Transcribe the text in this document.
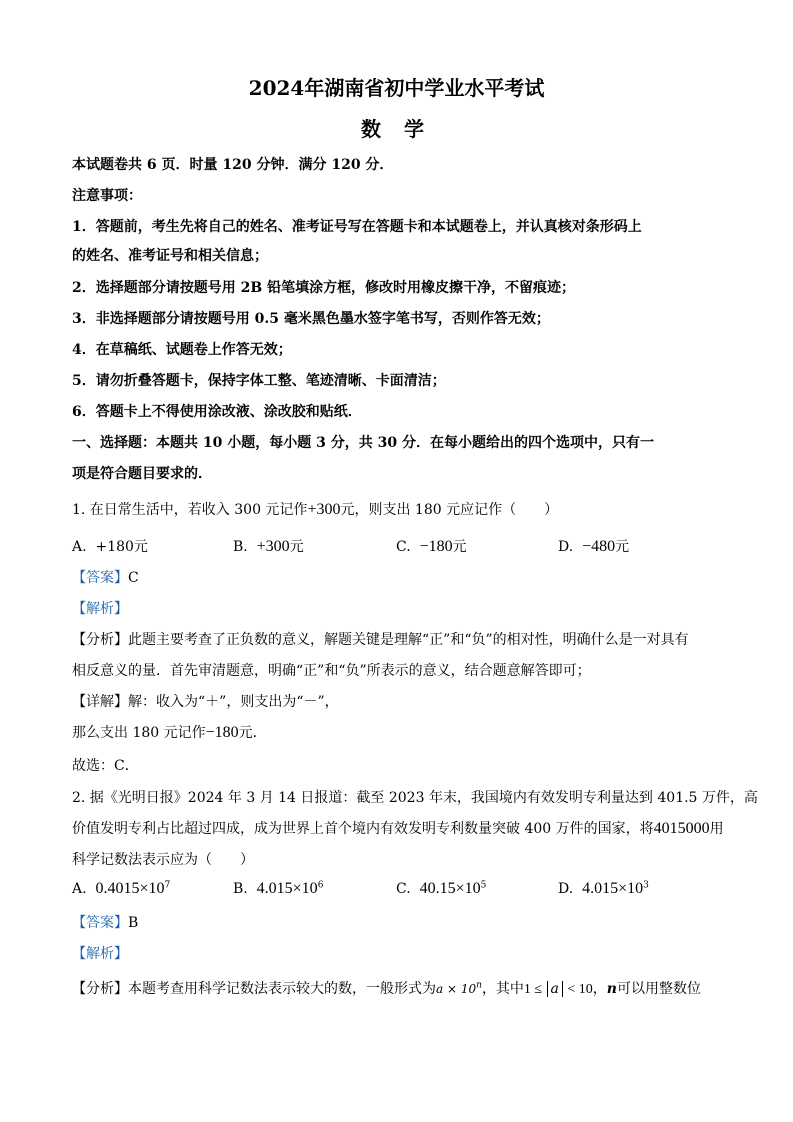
2024年湖南省初中学业水平考试
数 学
本试题卷共 6 页．时量 120 分钟．满分 120 分．
注意事项：
1．答题前，考生先将自己的姓名、准考证号写在答题卡和本试题卷上，并认真核对条形码上
的姓名、准考证号和相关信息；
2．选择题部分请按题号用 2B 铅笔填涂方框，修改时用橡皮擦干净，不留痕迹；
3．非选择题部分请按题号用 0.5 毫米黑色墨水签字笔书写，否则作答无效；
4．在草稿纸、试题卷上作答无效；
5．请勿折叠答题卡，保持字体工整、笔迹清晰、卡面清洁；
6．答题卡上不得使用涂改液、涂改胶和贴纸．
一、选择题：本题共 10 小题，每小题 3 分，共 30 分．在每小题给出的四个选项中，只有一
项是符合题目要求的．
1. 在日常生活中，若收入 300 元记作+300元，则支出 180 元应记作（　　）
A. +180元	B. +300元	C. −180元	D. −480元
【答案】C
【解析】
【分析】此题主要考查了正负数的意义，解题关键是理解“正”和“负”的相对性，明确什么是一对具有
相反意义的量．首先审清题意，明确“正”和“负”所表示的意义，结合题意解答即可；
【详解】解：收入为“＋”，则支出为“－”，
那么支出 180 元记作−180元．
故选：C．
2. 据《光明日报》2024 年 3 月 14 日报道：截至 2023 年末，我国境内有效发明专利量达到 401.5 万件，高
价值发明专利占比超过四成，成为世界上首个境内有效发明专利数量突破 400 万件的国家，将4015000用
科学记数法表示应为（　　）
A. $0.4015\times 10^7$	B. $4.015\times 10^6$	C. $40.15\times 10^5$	D. $4.015\times 10^3$
【答案】B
【解析】
【分析】本题考查用科学记数法表示较大的数，一般形式为$a \times 10^n$，其中1 ≤ a < 10，n可以用整数位
